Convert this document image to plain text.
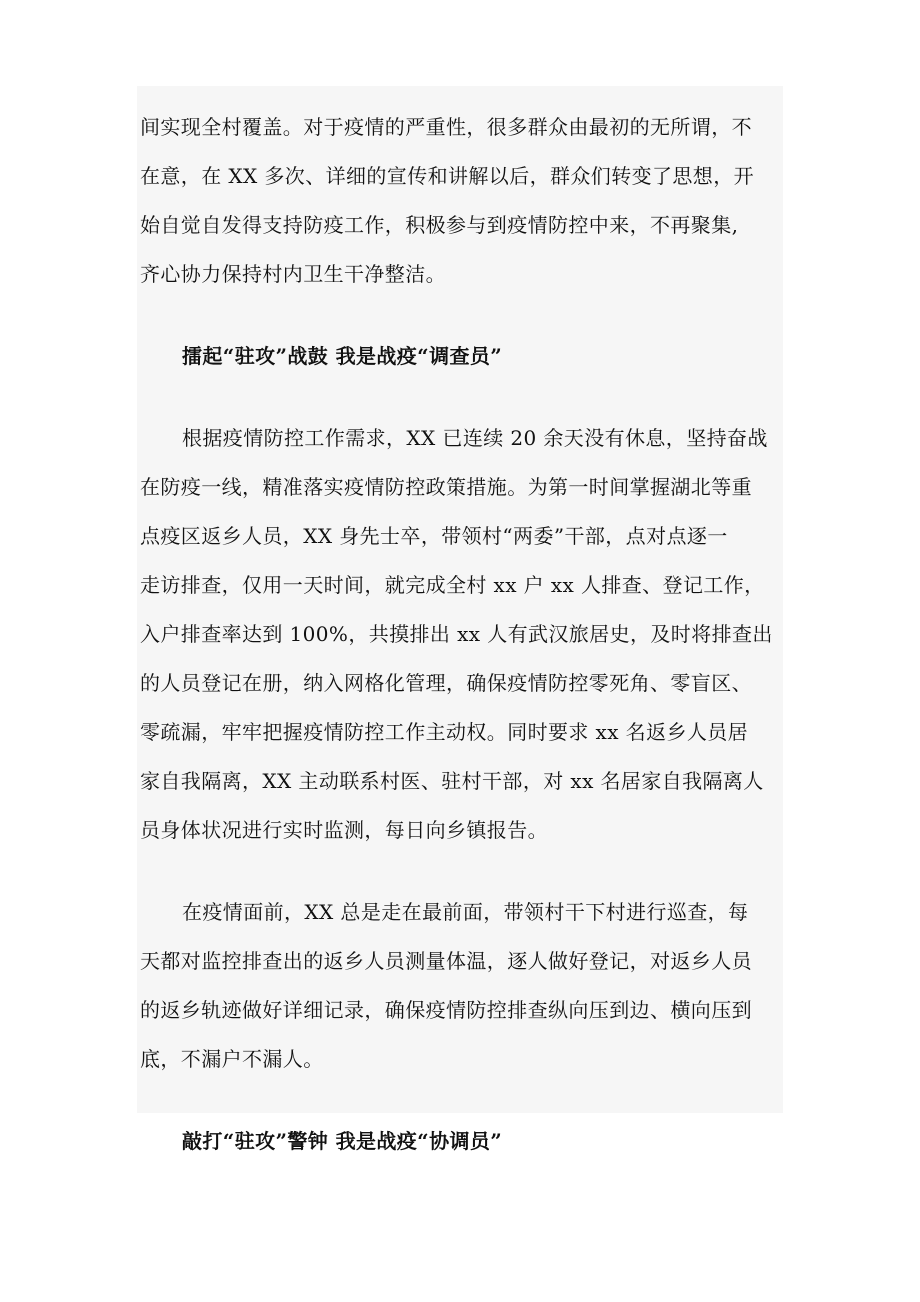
间实现全村覆盖。对于疫情的严重性，很多群众由最初的无所谓，不
在意，在 XX 多次、详细的宣传和讲解以后，群众们转变了思想，开
始自觉自发得支持防疫工作，积极参与到疫情防控中来，不再聚集,
齐心协力保持村内卫生干净整洁。
擂起“驻攻”战鼓 我是战疫“调查员”
根据疫情防控工作需求，XX 已连续 20 余天没有休息，坚持奋战
在防疫一线，精准落实疫情防控政策措施。为第一时间掌握湖北等重
点疫区返乡人员，XX 身先士卒，带领村“两委”干部，点对点逐一
走访排查，仅用一天时间，就完成全村 xx 户 xx 人排查、登记工作，
入户排查率达到 100%，共摸排出 xx 人有武汉旅居史，及时将排查出
的人员登记在册，纳入网格化管理，确保疫情防控零死角、零盲区、
零疏漏，牢牢把握疫情防控工作主动权。同时要求 xx 名返乡人员居
家自我隔离，XX 主动联系村医、驻村干部，对 xx 名居家自我隔离人
员身体状况进行实时监测，每日向乡镇报告。
在疫情面前，XX 总是走在最前面，带领村干下村进行巡查，每
天都对监控排查出的返乡人员测量体温，逐人做好登记，对返乡人员
的返乡轨迹做好详细记录，确保疫情防控排查纵向压到边、横向压到
底，不漏户不漏人。
敲打“驻攻”警钟 我是战疫“协调员”
